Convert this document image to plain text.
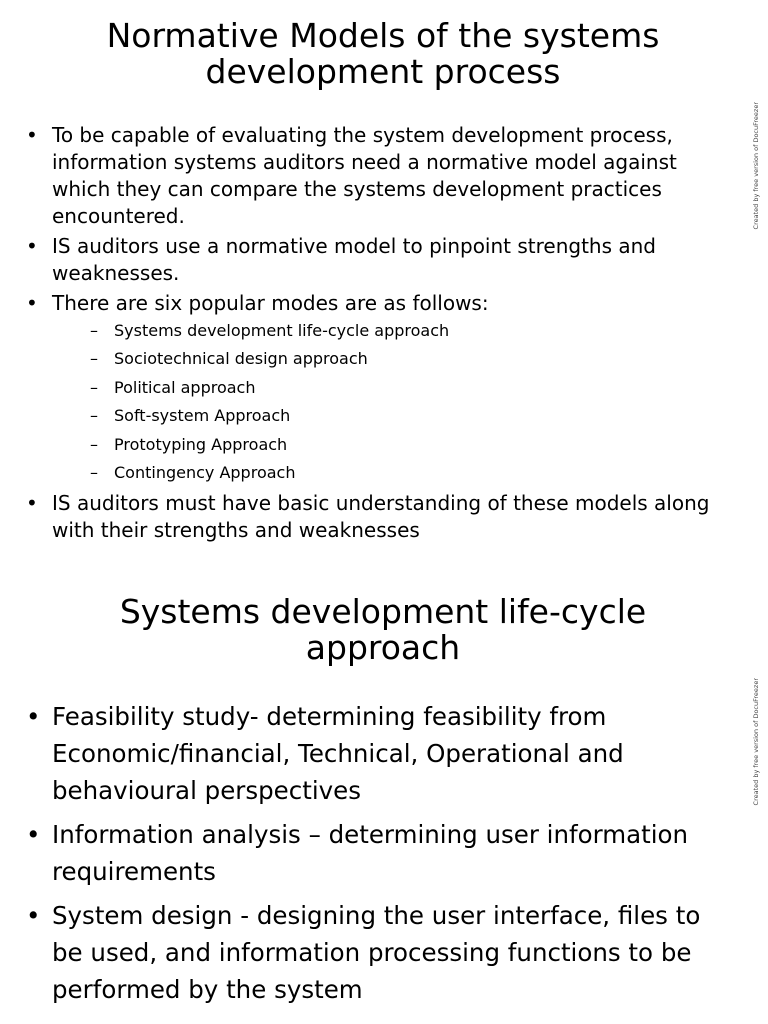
Normative Models of the systems
development process
• To be capable of evaluating the system development process, information systems auditors need a normative model against which they can compare the systems development practices encountered.
• IS auditors use a normative model to pinpoint strengths and weaknesses.
• There are six popular modes are as follows:
– Systems development life-cycle approach
– Sociotechnical design approach
– Political approach
– Soft-system Approach
– Prototyping Approach
– Contingency Approach
• IS auditors must have basic understanding of these models along with their strengths and weaknesses
Created by free version of DocuFreezer
Systems development life-cycle
approach
• Feasibility study- determining feasibility from Economic/financial, Technical, Operational and behavioural perspectives
• Information analysis – determining user information requirements
• System design - designing the user interface, files to be used, and information processing functions to be performed by the system
Created by free version of DocuFreezer
